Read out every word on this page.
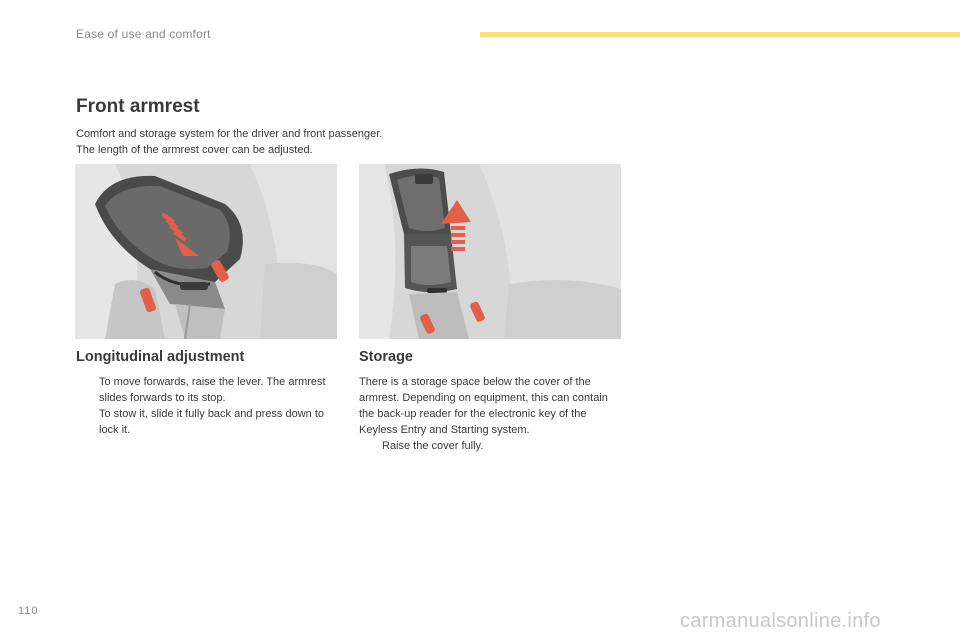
Ease of use and comfort
Front armrest

Comfort and storage system for the driver and front passenger.

The length of the armrest cover can be adjusted.

Longitudinal adjustment
To move forwards, raise the lever. The armrest slides forwards to its stop.
To stow it, slide it fully back and press down to lock it.
Storage

There is a storage space below the cover of the armrest. Depending on equipment, this can contain the back-up reader for the electronic key of the Keyless Entry and Starting system.

Raise the cover fully.
110	carmanualsonline.info
